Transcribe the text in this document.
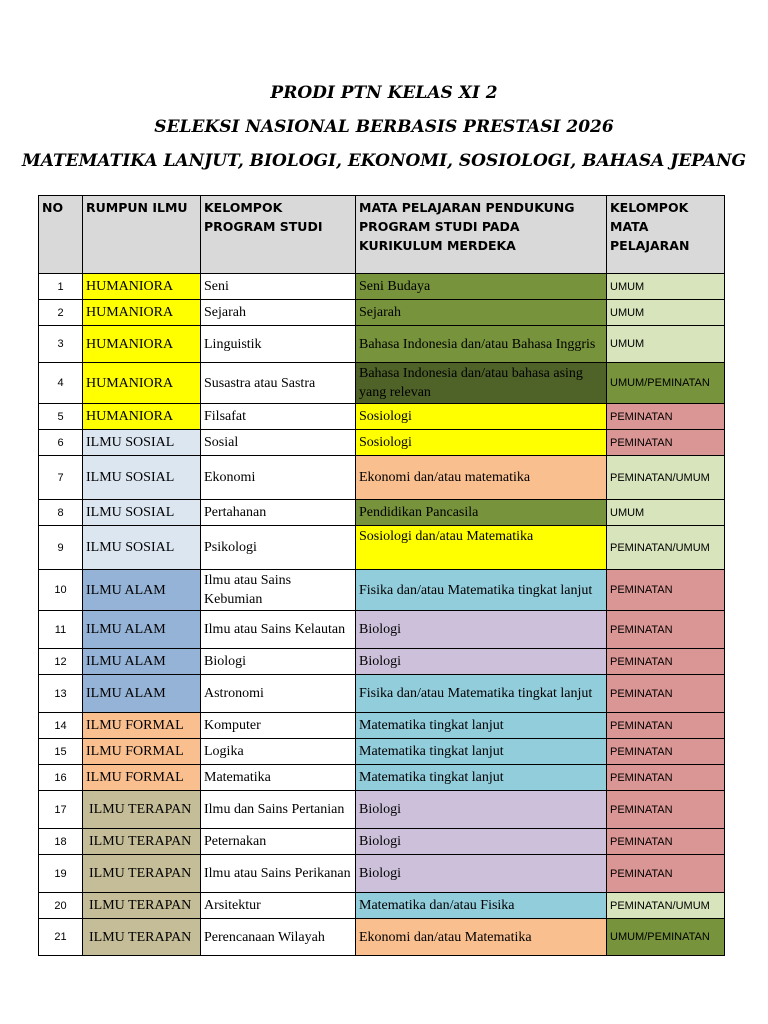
PRODI PTN KELAS XI 2
SELEKSI NASIONAL BERBASIS PRESTASI 2026
MATEMATIKA LANJUT, BIOLOGI, EKONOMI, SOSIOLOGI, BAHASA JEPANG
NO	RUMPUN ILMU	KELOMPOK PROGRAM STUDI	MATA PELAJARAN PENDUKUNG PROGRAM STUDI PADA KURIKULUM MERDEKA	KELOMPOK MATA PELAJARAN
1	HUMANIORA	Seni	Seni Budaya	UMUM
2	HUMANIORA	Sejarah	Sejarah	UMUM
3	HUMANIORA	Linguistik	Bahasa Indonesia dan/atau Bahasa Inggris	UMUM
4	HUMANIORA	Susastra atau Sastra	Bahasa Indonesia dan/atau bahasa asing yang relevan	UMUM/PEMINATAN
5	HUMANIORA	Filsafat	Sosiologi	PEMINATAN
6	ILMU SOSIAL	Sosial	Sosiologi	PEMINATAN
7	ILMU SOSIAL	Ekonomi	Ekonomi dan/atau matematika	PEMINATAN/UMUM
8	ILMU SOSIAL	Pertahanan	Pendidikan Pancasila	UMUM
9	ILMU SOSIAL	Psikologi	Sosiologi dan/atau Matematika	PEMINATAN/UMUM
10	ILMU ALAM	Ilmu atau Sains Kebumian	Fisika dan/atau Matematika tingkat lanjut	PEMINATAN
11	ILMU ALAM	Ilmu atau Sains Kelautan	Biologi	PEMINATAN
12	ILMU ALAM	Biologi	Biologi	PEMINATAN
13	ILMU ALAM	Astronomi	Fisika dan/atau Matematika tingkat lanjut	PEMINATAN
14	ILMU FORMAL	Komputer	Matematika tingkat lanjut	PEMINATAN
15	ILMU FORMAL	Logika	Matematika tingkat lanjut	PEMINATAN
16	ILMU FORMAL	Matematika	Matematika tingkat lanjut	PEMINATAN
17	ILMU TERAPAN	Ilmu dan Sains Pertanian	Biologi	PEMINATAN
18	ILMU TERAPAN	Peternakan	Biologi	PEMINATAN
19	ILMU TERAPAN	Ilmu atau Sains Perikanan	Biologi	PEMINATAN
20	ILMU TERAPAN	Arsitektur	Matematika dan/atau Fisika	PEMINATAN/UMUM
21	ILMU TERAPAN	Perencanaan Wilayah	Ekonomi dan/atau Matematika	UMUM/PEMINATAN
